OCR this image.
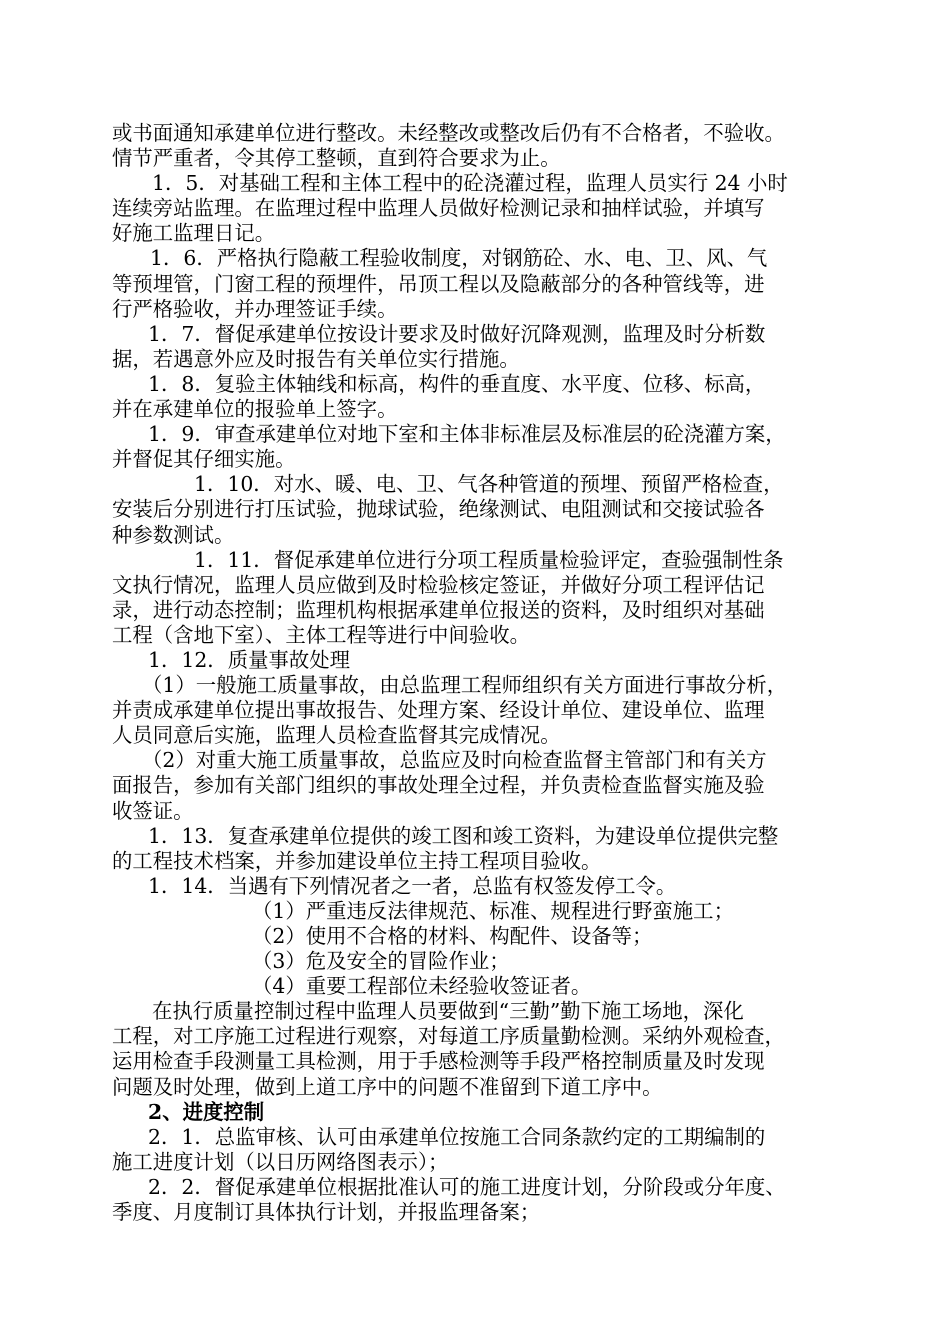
或书面通知承建单位进行整改。未经整改或整改后仍有不合格者，不验收。

情节严重者，令其停工整顿，直到符合要求为止。

1．5．对基础工程和主体工程中的砼浇灌过程，监理人员实行 24 小时

连续旁站监理。在监理过程中监理人员做好检测记录和抽样试验，并填写

好施工监理日记。

1．6．严格执行隐蔽工程验收制度，对钢筋砼、水、电、卫、风、气

等预埋管，门窗工程的预埋件，吊顶工程以及隐蔽部分的各种管线等，进

行严格验收，并办理签证手续。

1．7．督促承建单位按设计要求及时做好沉降观测，监理及时分析数

据，若遇意外应及时报告有关单位实行措施。

1．8．复验主体轴线和标高，构件的垂直度、水平度、位移、标高，

并在承建单位的报验单上签字。

1．9．审查承建单位对地下室和主体非标准层及标准层的砼浇灌方案，

并督促其仔细实施。

1．10．对水、暖、电、卫、气各种管道的预埋、预留严格检查，

安装后分别进行打压试验，抛球试验，绝缘测试、电阻测试和交接试验各

种参数测试。

1．11．督促承建单位进行分项工程质量检验评定，查验强制性条

文执行情况，监理人员应做到及时检验核定签证，并做好分项工程评估记

录，进行动态控制；监理机构根据承建单位报送的资料，及时组织对基础

工程（含地下室）、主体工程等进行中间验收。

1．12．质量事故处理

（1）一般施工质量事故，由总监理工程师组织有关方面进行事故分析，

并责成承建单位提出事故报告、处理方案、经设计单位、建设单位、监理

人员同意后实施，监理人员检查监督其完成情况。

（2）对重大施工质量事故，总监应及时向检查监督主管部门和有关方

面报告，参加有关部门组织的事故处理全过程，并负责检查监督实施及验

收签证。

1．13．复查承建单位提供的竣工图和竣工资料，为建设单位提供完整

的工程技术档案，并参加建设单位主持工程项目验收。

1．14．当遇有下列情况者之一者，总监有权签发停工令。

（1）严重违反法律规范、标准、规程进行野蛮施工；

（2）使用不合格的材料、构配件、设备等；

（3）危及安全的冒险作业；

（4）重要工程部位未经验收签证者。

在执行质量控制过程中监理人员要做到“三勤”勤下施工场地，深化

工程，对工序施工过程进行观察，对每道工序质量勤检测。采纳外观检查，

运用检查手段测量工具检测，用于手感检测等手段严格控制质量及时发现

问题及时处理，做到上道工序中的问题不准留到下道工序中。

2、进度控制

2．1．总监审核、认可由承建单位按施工合同条款约定的工期编制的

施工进度计划（以日历网络图表示）；

2．2．督促承建单位根据批准认可的施工进度计划，分阶段或分年度、

季度、月度制订具体执行计划，并报监理备案；
